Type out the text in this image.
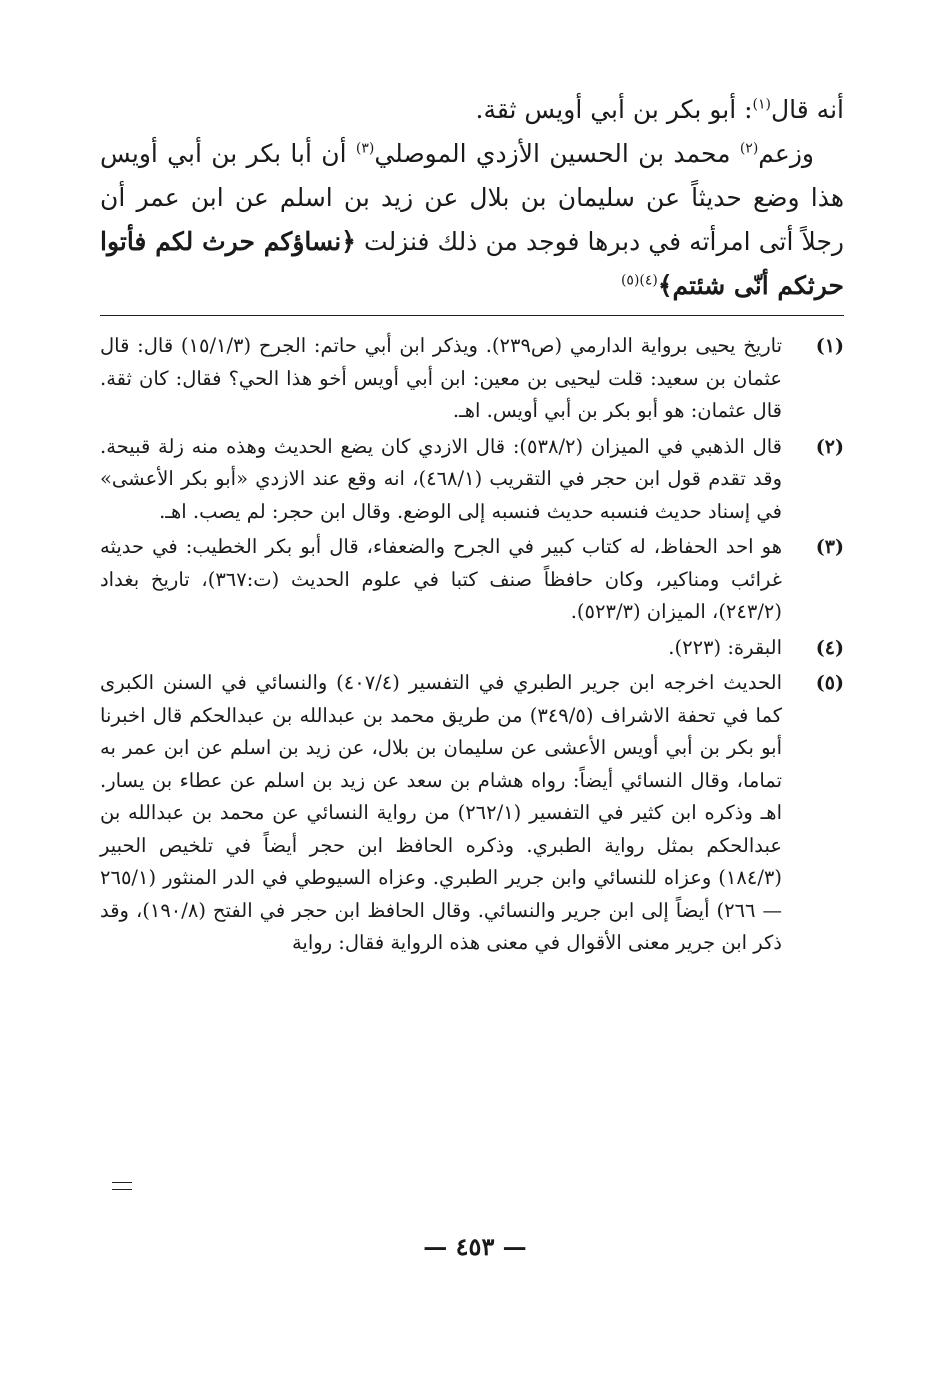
أنه قال$^{(١)}$: أبو بكر بن أبي أويس ثقة.

وزعم$^{(٢)}$ محمد بن الحسين الأزدي الموصلي$^{(٣)}$ أن أبا بكر بن أبي أويس هذا وضع حديثاً عن سليمان بن بلال عن زيد بن اسلم عن ابن عمر أن رجلاً أتى امرأته في دبرها فوجد من ذلك فنزلت ﴿نساؤكم حرث لكم فأتوا حرثكم أنّى شئتم﴾$^{(٤)(٥)}$

(١)
تاريخ يحيى برواية الدارمي (ص٢٣٩). ويذكر ابن أبي حاتم: الجرح (١٥/١/٣) قال: قال عثمان بن سعيد: قلت ليحيى بن معين: ابن أبي أويس أخو هذا الحي؟ فقال: كان ثقة. قال عثمان: هو أبو بكر بن أبي أويس. اهـ.
(٢)
قال الذهبي في الميزان (٥٣٨/٢): قال الازدي كان يضع الحديث وهذه منه زلة قبيحة. وقد تقدم قول ابن حجر في التقريب (٤٦٨/١)، انه وقع عند الازدي «أبو بكر الأعشى» في إسناد حديث فنسبه حديث فنسبه إلى الوضع. وقال ابن حجر: لم يصب. اهـ.
(٣)
هو احد الحفاظ، له كتاب كبير في الجرح والضعفاء، قال أبو بكر الخطيب: في حديثه غرائب ومناكير، وكان حافظاً صنف كتبا في علوم الحديث (ت:٣٦٧)، تاريخ بغداد (٢٤٣/٢)، الميزان (٥٢٣/٣).
(٤)
البقرة: (٢٢٣).
(٥)
الحديث اخرجه ابن جرير الطبري في التفسير (٤٠٧/٤) والنسائي في السنن الكبرى كما في تحفة الاشراف (٣٤٩/٥) من طريق محمد بن عبدالله بن عبدالحكم قال اخبرنا أبو بكر بن أبي أويس الأعشى عن سليمان بن بلال، عن زيد بن اسلم عن ابن عمر به تماما، وقال النسائي أيضاً: رواه هشام بن سعد عن زيد بن اسلم عن عطاء بن يسار. اهـ وذكره ابن كثير في التفسير (٢٦٢/١) من رواية النسائي عن محمد بن عبدالله بن عبدالحكم بمثل رواية الطبري. وذكره الحافظ ابن حجر أيضاً في تلخيص الحبير (١٨٤/٣) وعزاه للنسائي وابن جرير الطبري. وعزاه السيوطي في الدر المنثور (٢٦٥/١ — ٢٦٦) أيضاً إلى ابن جرير والنسائي. وقال الحافظ ابن حجر في الفتح (١٩٠/٨)، وقد ذكر ابن جرير معنى الأقوال في معنى هذه الرواية فقال: رواية
— ٤٥٣ —
